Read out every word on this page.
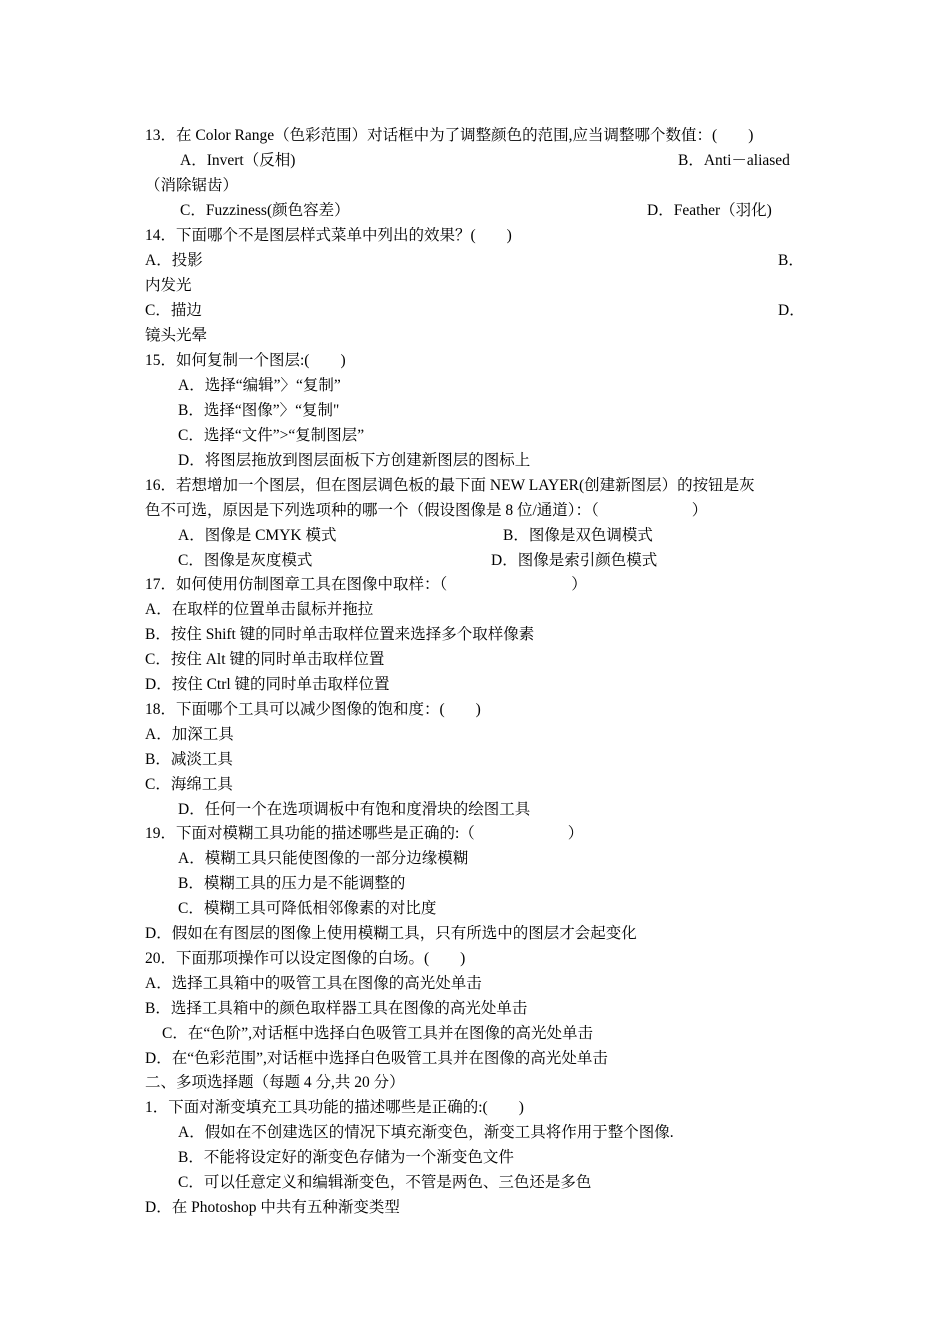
13．在 Color Range（色彩范围）对话框中为了调整颜色的范围,应当调整哪个数值：(　　)
A．Invert（反相)	B．Anti－aliased
（消除锯齿）
C．Fuzziness(颜色容差）	D．Feather（羽化)
14．下面哪个不是图层样式菜单中列出的效果？(　　)
A．投影	B．
内发光
C．描边	D．
镜头光晕
15．如何复制一个图层:(　　)
A．选择“编辑”〉“复制”
B．选择“图像”〉“复制"
C．选择“文件”>“复制图层”
D．将图层拖放到图层面板下方创建新图层的图标上
16．若想增加一个图层，但在图层调色板的最下面 NEW LAYER(创建新图层）的按钮是灰
色不可选，原因是下列选项种的哪一个（假设图像是 8 位/通道）：（　　　　　　）
A．图像是 CMYK 模式	B．图像是双色调模式
C．图像是灰度模式	D．图像是索引颜色模式
17．如何使用仿制图章工具在图像中取样：（　　　　　　　　）
A．在取样的位置单击鼠标并拖拉
B．按住 Shift 键的同时单击取样位置来选择多个取样像素
C．按住 Alt 键的同时单击取样位置
D．按住 Ctrl 键的同时单击取样位置
18．下面哪个工具可以减少图像的饱和度：(　　)
A．加深工具
B．减淡工具
C．海绵工具
D．任何一个在选项调板中有饱和度滑块的绘图工具
19．下面对模糊工具功能的描述哪些是正确的:（　　　　　　）
A．模糊工具只能使图像的一部分边缘模糊
B．模糊工具的压力是不能调整的
C．模糊工具可降低相邻像素的对比度
D．假如在有图层的图像上使用模糊工具，只有所选中的图层才会起变化
20．下面那项操作可以设定图像的白场。(　　)
A．选择工具箱中的吸管工具在图像的高光处单击
B．选择工具箱中的颜色取样器工具在图像的高光处单击
C．在“色阶”,对话框中选择白色吸管工具并在图像的高光处单击
D．在“色彩范围”,对话框中选择白色吸管工具并在图像的高光处单击
二、多项选择题（每题 4 分,共 20 分）
1．下面对渐变填充工具功能的描述哪些是正确的:(　　)
A．假如在不创建选区的情况下填充渐变色，渐变工具将作用于整个图像.
B．不能将设定好的渐变色存储为一个渐变色文件
C．可以任意定义和编辑渐变色，不管是两色、三色还是多色
D．在 Photoshop 中共有五种渐变类型
